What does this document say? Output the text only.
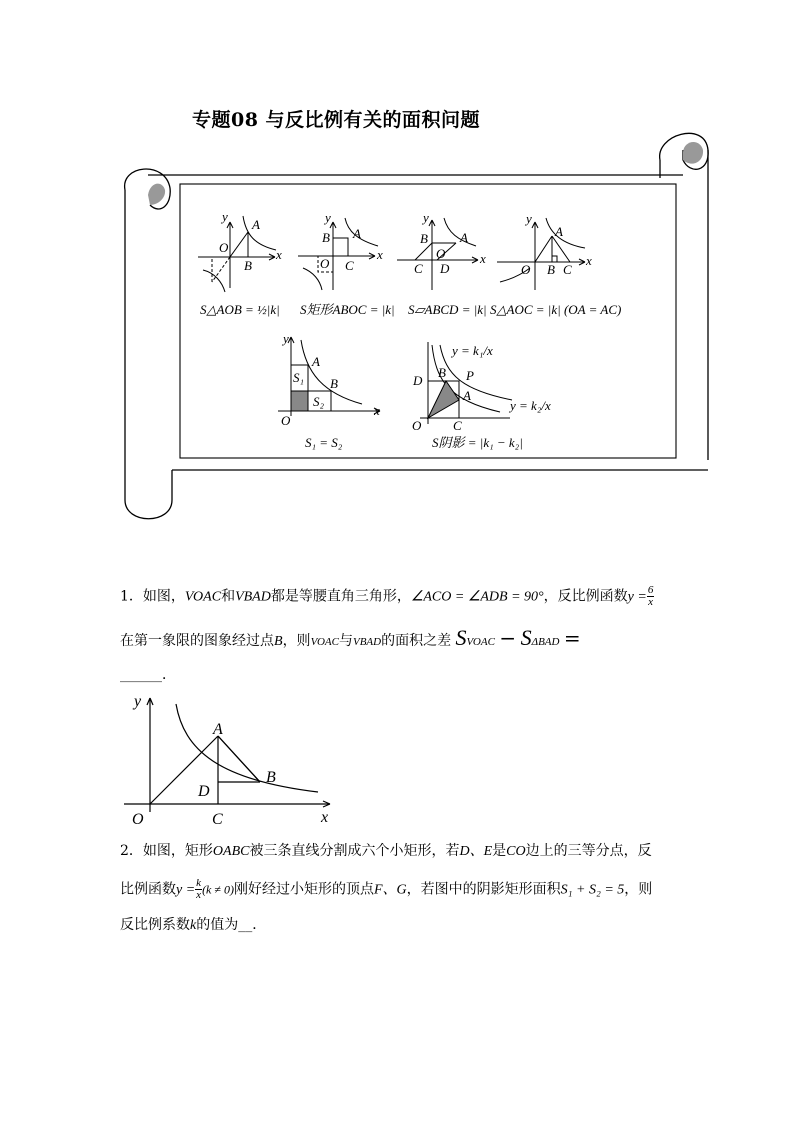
专题08 与反比例有关的面积问题
y
A
O
B
x
S△AOB = ½|k|
y
B A
O C
x
S矩形ABOC = |k|
y
B A
O
C D
x
S▱ABCD = |k|
y
A
O B C
x
S△AOC = |k| (OA = AC)
y
A
S₁ B
S₂
O
x
S₁ = S₂
y = k₁/x
y = k₂/x
D
B P
A
O C
S阴影 = |k₁ − k₂|
1．如图，VOAC和VBAD都是等腰直角三角形，∠ACO = ∠ADB = 90°，反比例函数$y = \frac{6}{x}$
在第一象限的图象经过点B，则VOAC与VBAD的面积之差 SVOAC − SΔBAD =
______．
y
x
A
B
D
C
O
2．如图，矩形OABC被三条直线分割成六个小矩形，若D、E是CO边上的三等分点，反
比例函数$y = \frac{k}{x} (k \ne 0)$刚好经过小矩形的顶点F、G，若图中的阴影矩形面积S₁ + S₂ = 5，则
反比例系数k的值为__．
